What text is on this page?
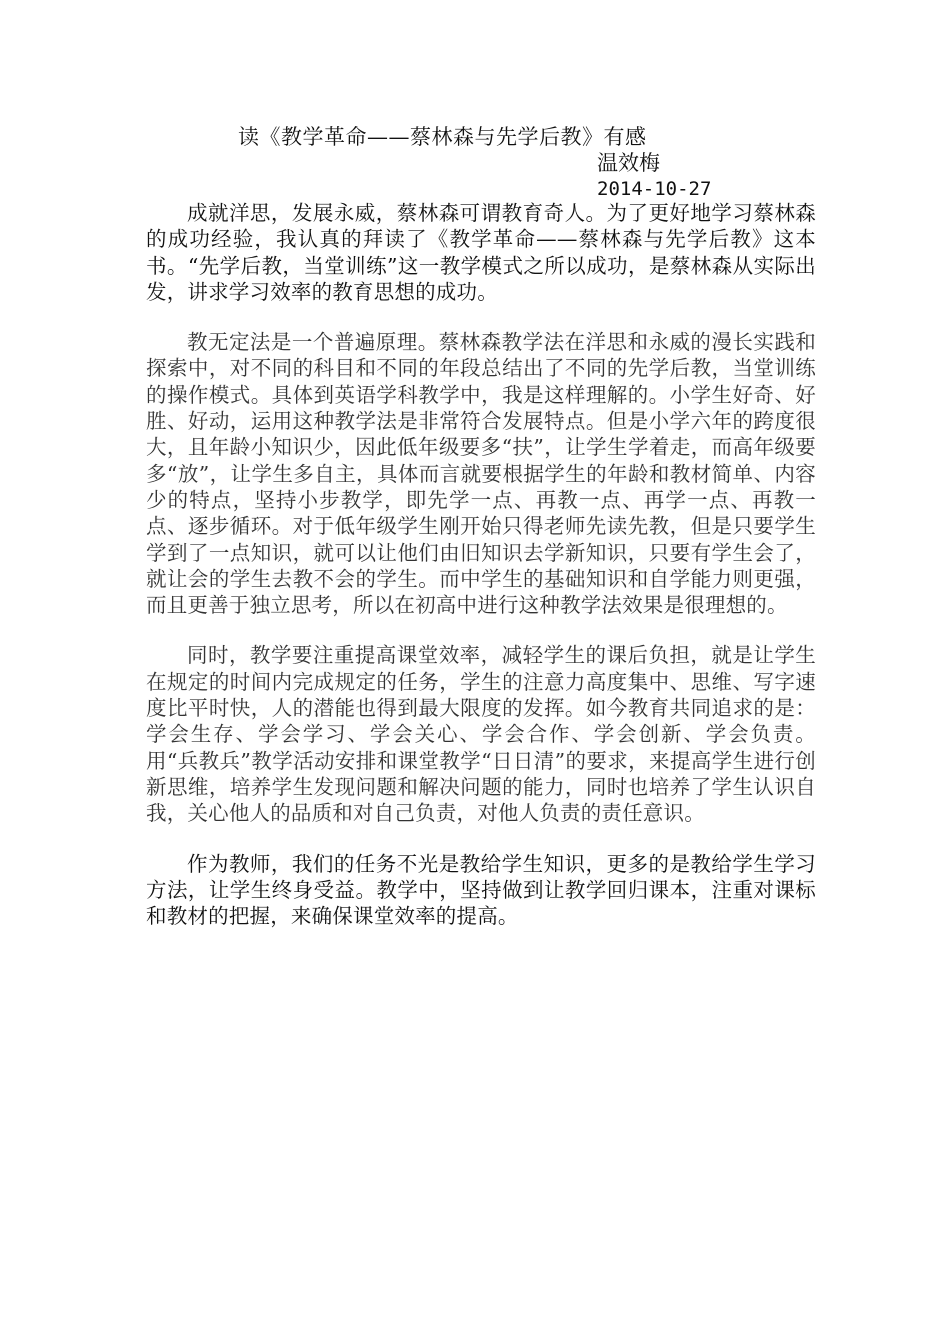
读《教学革命——蔡林森与先学后教》有感
温效梅
2014-10-27

成就洋思，发展永威，蔡林森可谓教育奇人。为了更好地学习蔡林森的成功经验，我认真的拜读了《教学革命——蔡林森与先学后教》这本书。“先学后教，当堂训练”这一教学模式之所以成功，是蔡林森从实际出发，讲求学习效率的教育思想的成功。

教无定法是一个普遍原理。蔡林森教学法在洋思和永威的漫长实践和探索中，对不同的科目和不同的年段总结出了不同的先学后教，当堂训练的操作模式。具体到英语学科教学中，我是这样理解的。小学生好奇、好胜、好动，运用这种教学法是非常符合发展特点。但是小学六年的跨度很大，且年龄小知识少，因此低年级要多“扶”，让学生学着走，而高年级要多“放”，让学生多自主，具体而言就要根据学生的年龄和教材简单、内容少的特点，坚持小步教学，即先学一点、再教一点、再学一点、再教一点、逐步循环。对于低年级学生刚开始只得老师先读先教，但是只要学生学到了一点知识，就可以让他们由旧知识去学新知识，只要有学生会了， 就让会的学生去教不会的学生。而中学生的基础知识和自学能力则更强，而且更善于独立思考，所以在初高中进行这种教学法效果是很理想的。

同时，教学要注重提高课堂效率，减轻学生的课后负担，就是让学生在规定的时间内完成规定的任务，学生的注意力高度集中、思维、写字速度比平时快，人的潜能也得到最大限度的发挥。如今教育共同追求的是：学会生存、学会学习、学会关心、学会合作、学会创新、学会负责。用“兵教兵”教学活动安排和课堂教学“日日清”的要求，来提高学生进行创新思维，培养学生发现问题和解决问题的能力，同时也培养了学生认识自我，关心他人的品质和对自己负责，对他人负责的责任意识。

作为教师，我们的任务不光是教给学生知识，更多的是教给学生学习方法，让学生终身受益。教学中，坚持做到让教学回归课本，注重对课标和教材的把握，来确保课堂效率的提高。
